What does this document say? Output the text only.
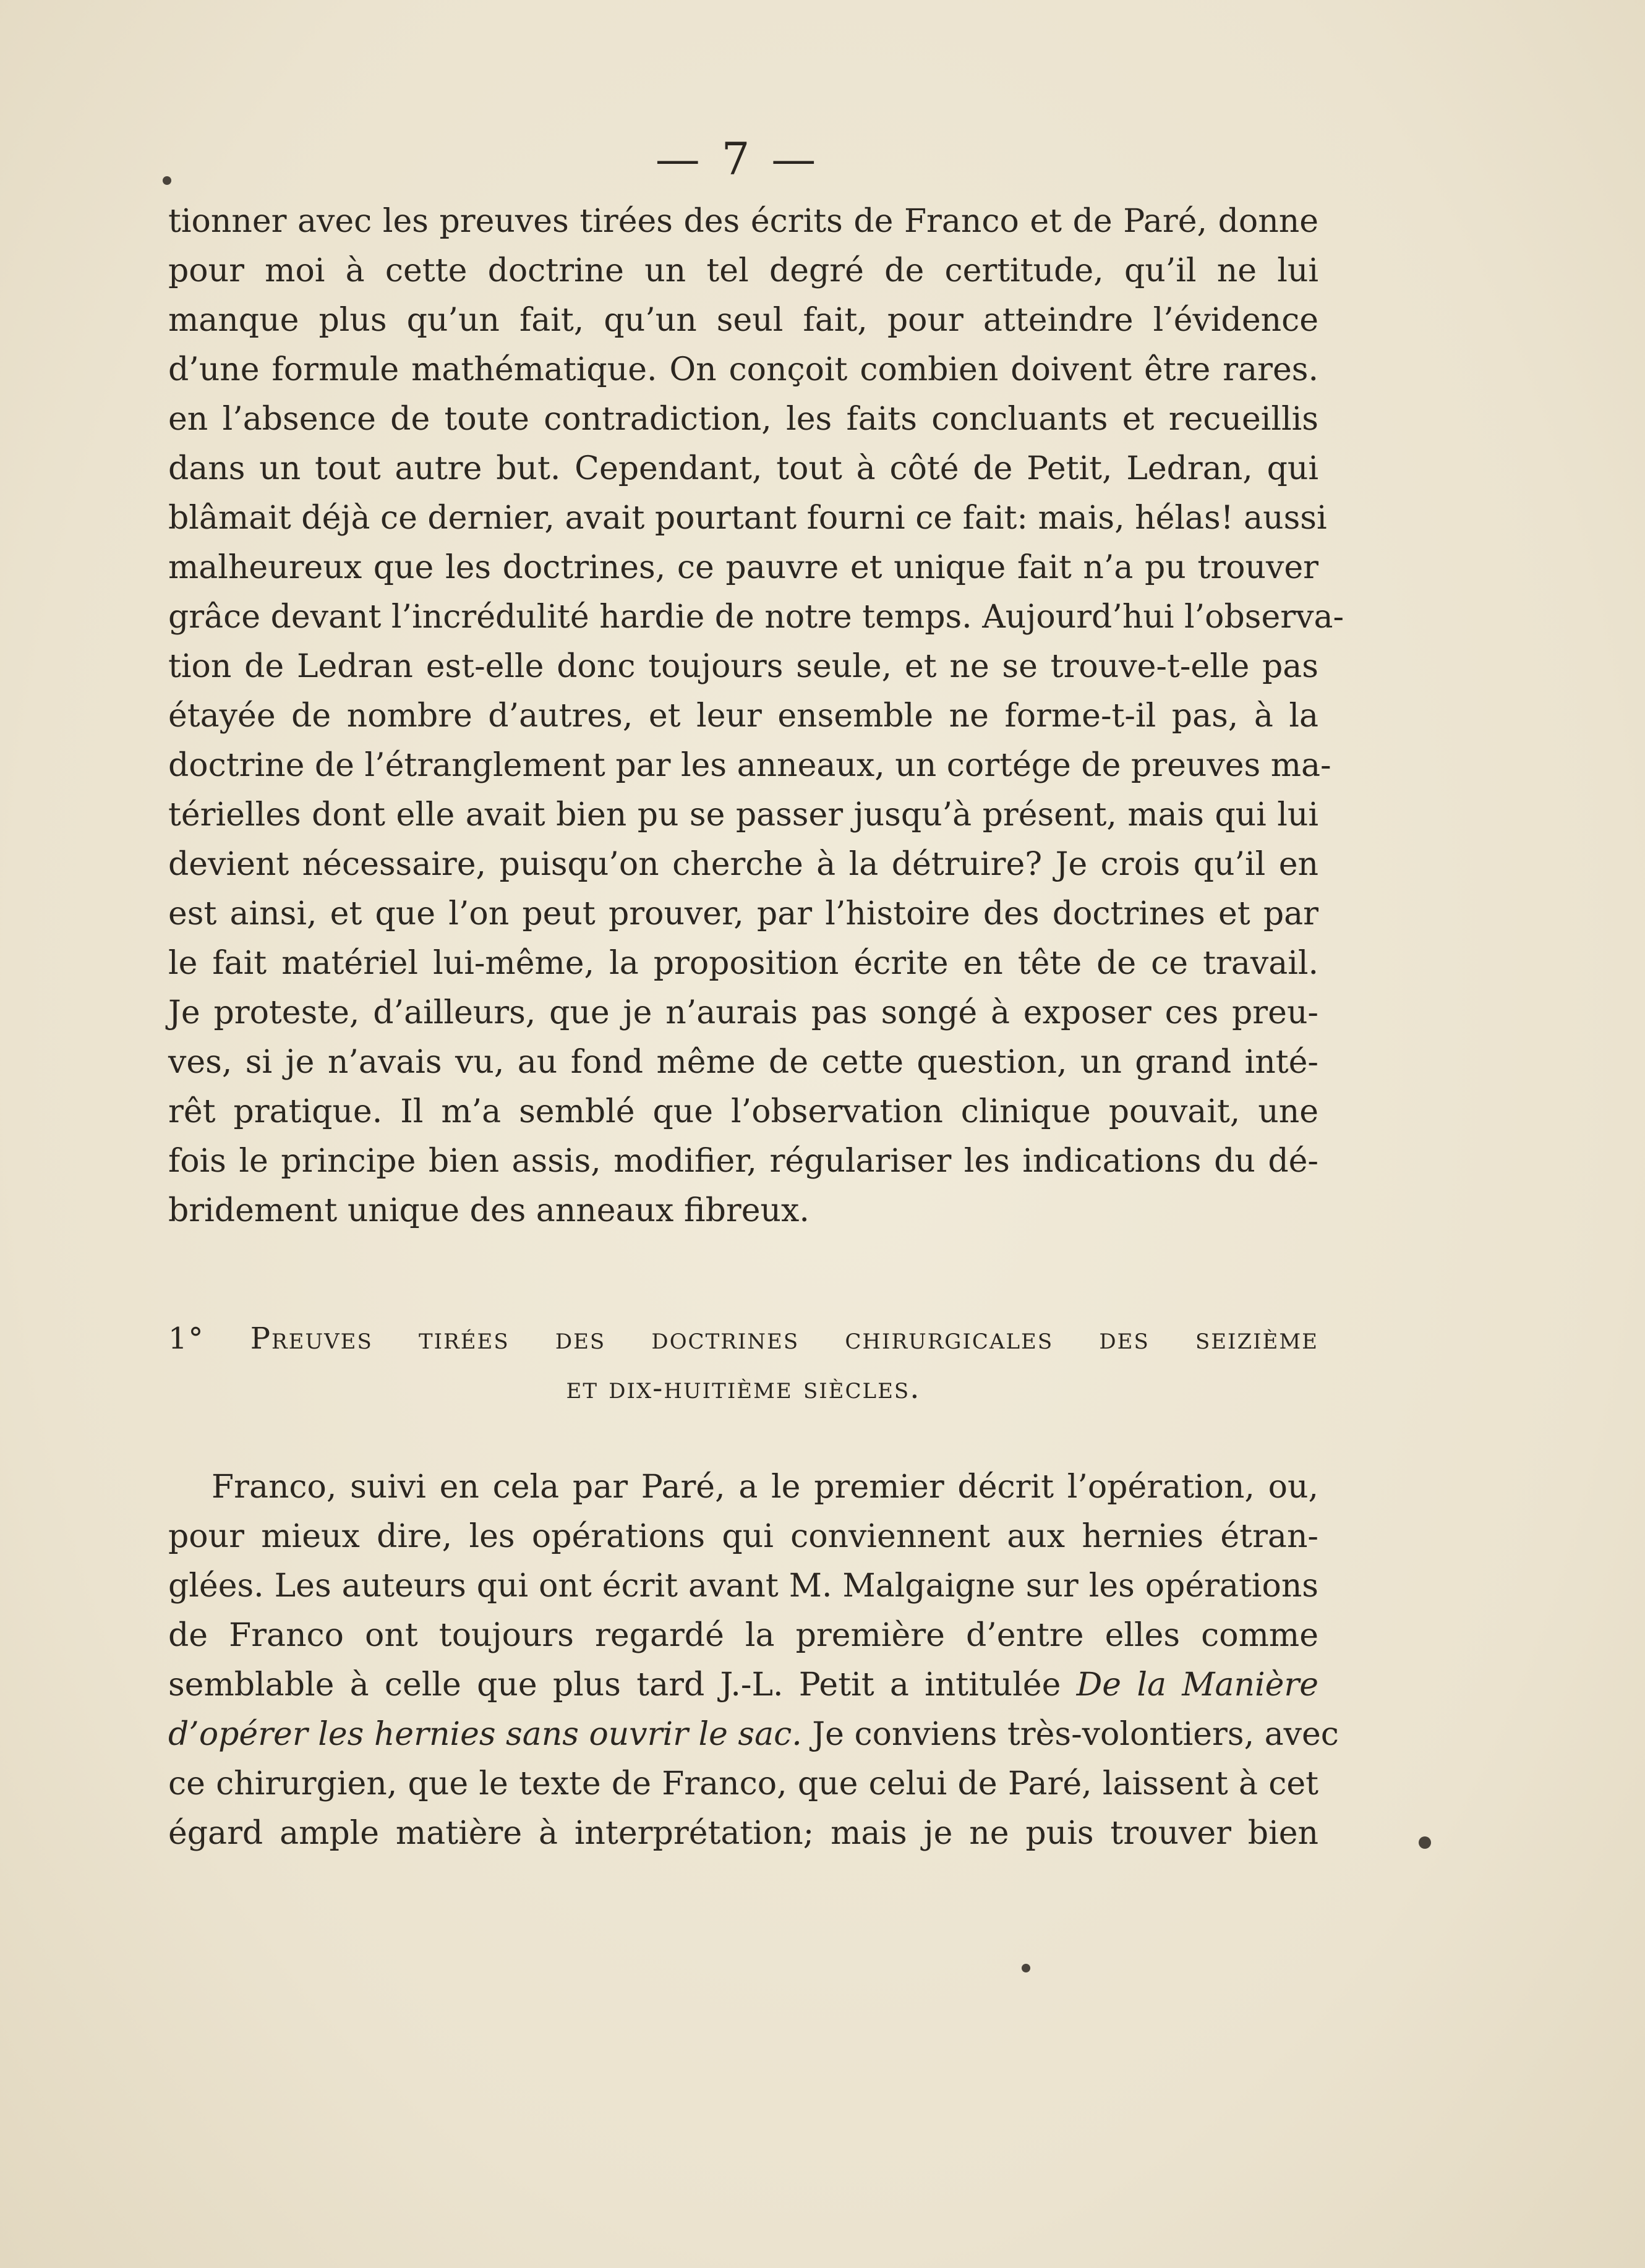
— 7 —
tionner avec les preuves tirées des écrits de Franco et de Paré, donne
pour moi à cette doctrine un tel degré de certitude, qu’il ne lui
manque plus qu’un fait, qu’un seul fait, pour atteindre l’évidence
d’une formule mathématique. On conçoit combien doivent être rares.
en l’absence de toute contradiction, les faits concluants et recueillis
dans un tout autre but. Cependant, tout à côté de Petit, Ledran, qui
blâmait déjà ce dernier, avait pourtant fourni ce fait: mais, hélas! aussi
malheureux que les doctrines, ce pauvre et unique fait n’a pu trouver
grâce devant l’incrédulité hardie de notre temps. Aujourd’hui l’observa-
tion de Ledran est-elle donc toujours seule, et ne se trouve-t-elle pas
étayée de nombre d’autres, et leur ensemble ne forme-t-il pas, à la
doctrine de l’étranglement par les anneaux, un cortége de preuves ma-
térielles dont elle avait bien pu se passer jusqu’à présent, mais qui lui
devient nécessaire, puisqu’on cherche à la détruire? Je crois qu’il en
est ainsi, et que l’on peut prouver, par l’histoire des doctrines et par
le fait matériel lui-même, la proposition écrite en tête de ce travail.
Je proteste, d’ailleurs, que je n’aurais pas songé à exposer ces preu-
ves, si je n’avais vu, au fond même de cette question, un grand inté-
rêt pratique. Il m’a semblé que l’observation clinique pouvait, une
fois le principe bien assis, modifier, régulariser les indications du dé-
bridement unique des anneaux fibreux.
1° Preuves tirées des doctrines chirurgicales des seizième
et dix-huitième siècles.
Franco, suivi en cela par Paré, a le premier décrit l’opération, ou,
pour mieux dire, les opérations qui conviennent aux hernies étran-
glées. Les auteurs qui ont écrit avant M. Malgaigne sur les opérations
de Franco ont toujours regardé la première d’entre elles comme
semblable à celle que plus tard J.-L. Petit a intitulée De la Manière
d’opérer les hernies sans ouvrir le sac. Je conviens très-volontiers, avec
ce chirurgien, que le texte de Franco, que celui de Paré, laissent à cet
égard ample matière à interprétation; mais je ne puis trouver bien
